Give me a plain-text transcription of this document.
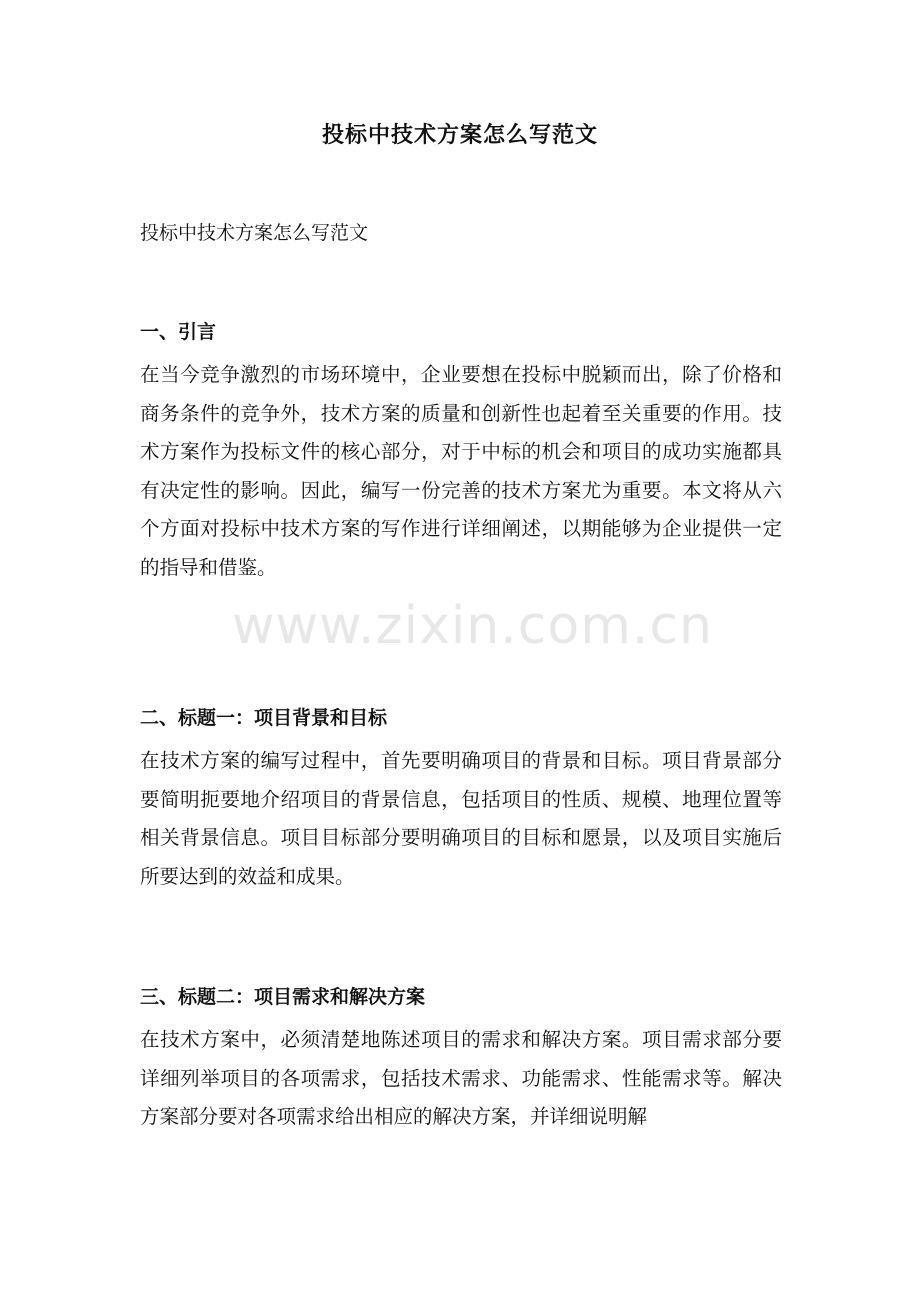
投标中技术方案怎么写范文

投标中技术方案怎么写范文

一、引言

在当今竞争激烈的市场环境中，企业要想在投标中脱颖而出，除了价格和商务条件的竞争外，技术方案的质量和创新性也起着至关重要的作用。技术方案作为投标文件的核心部分，对于中标的机会和项目的成功实施都具有决定性的影响。因此，编写一份完善的技术方案尤为重要。本文将从六个方面对投标中技术方案的写作进行详细阐述，以期能够为企业提供一定的指导和借鉴。

二、标题一：项目背景和目标

在技术方案的编写过程中，首先要明确项目的背景和目标。项目背景部分要简明扼要地介绍项目的背景信息，包括项目的性质、规模、地理位置等相关背景信息。项目目标部分要明确项目的目标和愿景，以及项目实施后所要达到的效益和成果。

三、标题二：项目需求和解决方案

在技术方案中，必须清楚地陈述项目的需求和解决方案。项目需求部分要详细列举项目的各项需求，包括技术需求、功能需求、性能需求等。解决方案部分要对各项需求给出相应的解决方案，并详细说明解

www.zixin.com.cn
